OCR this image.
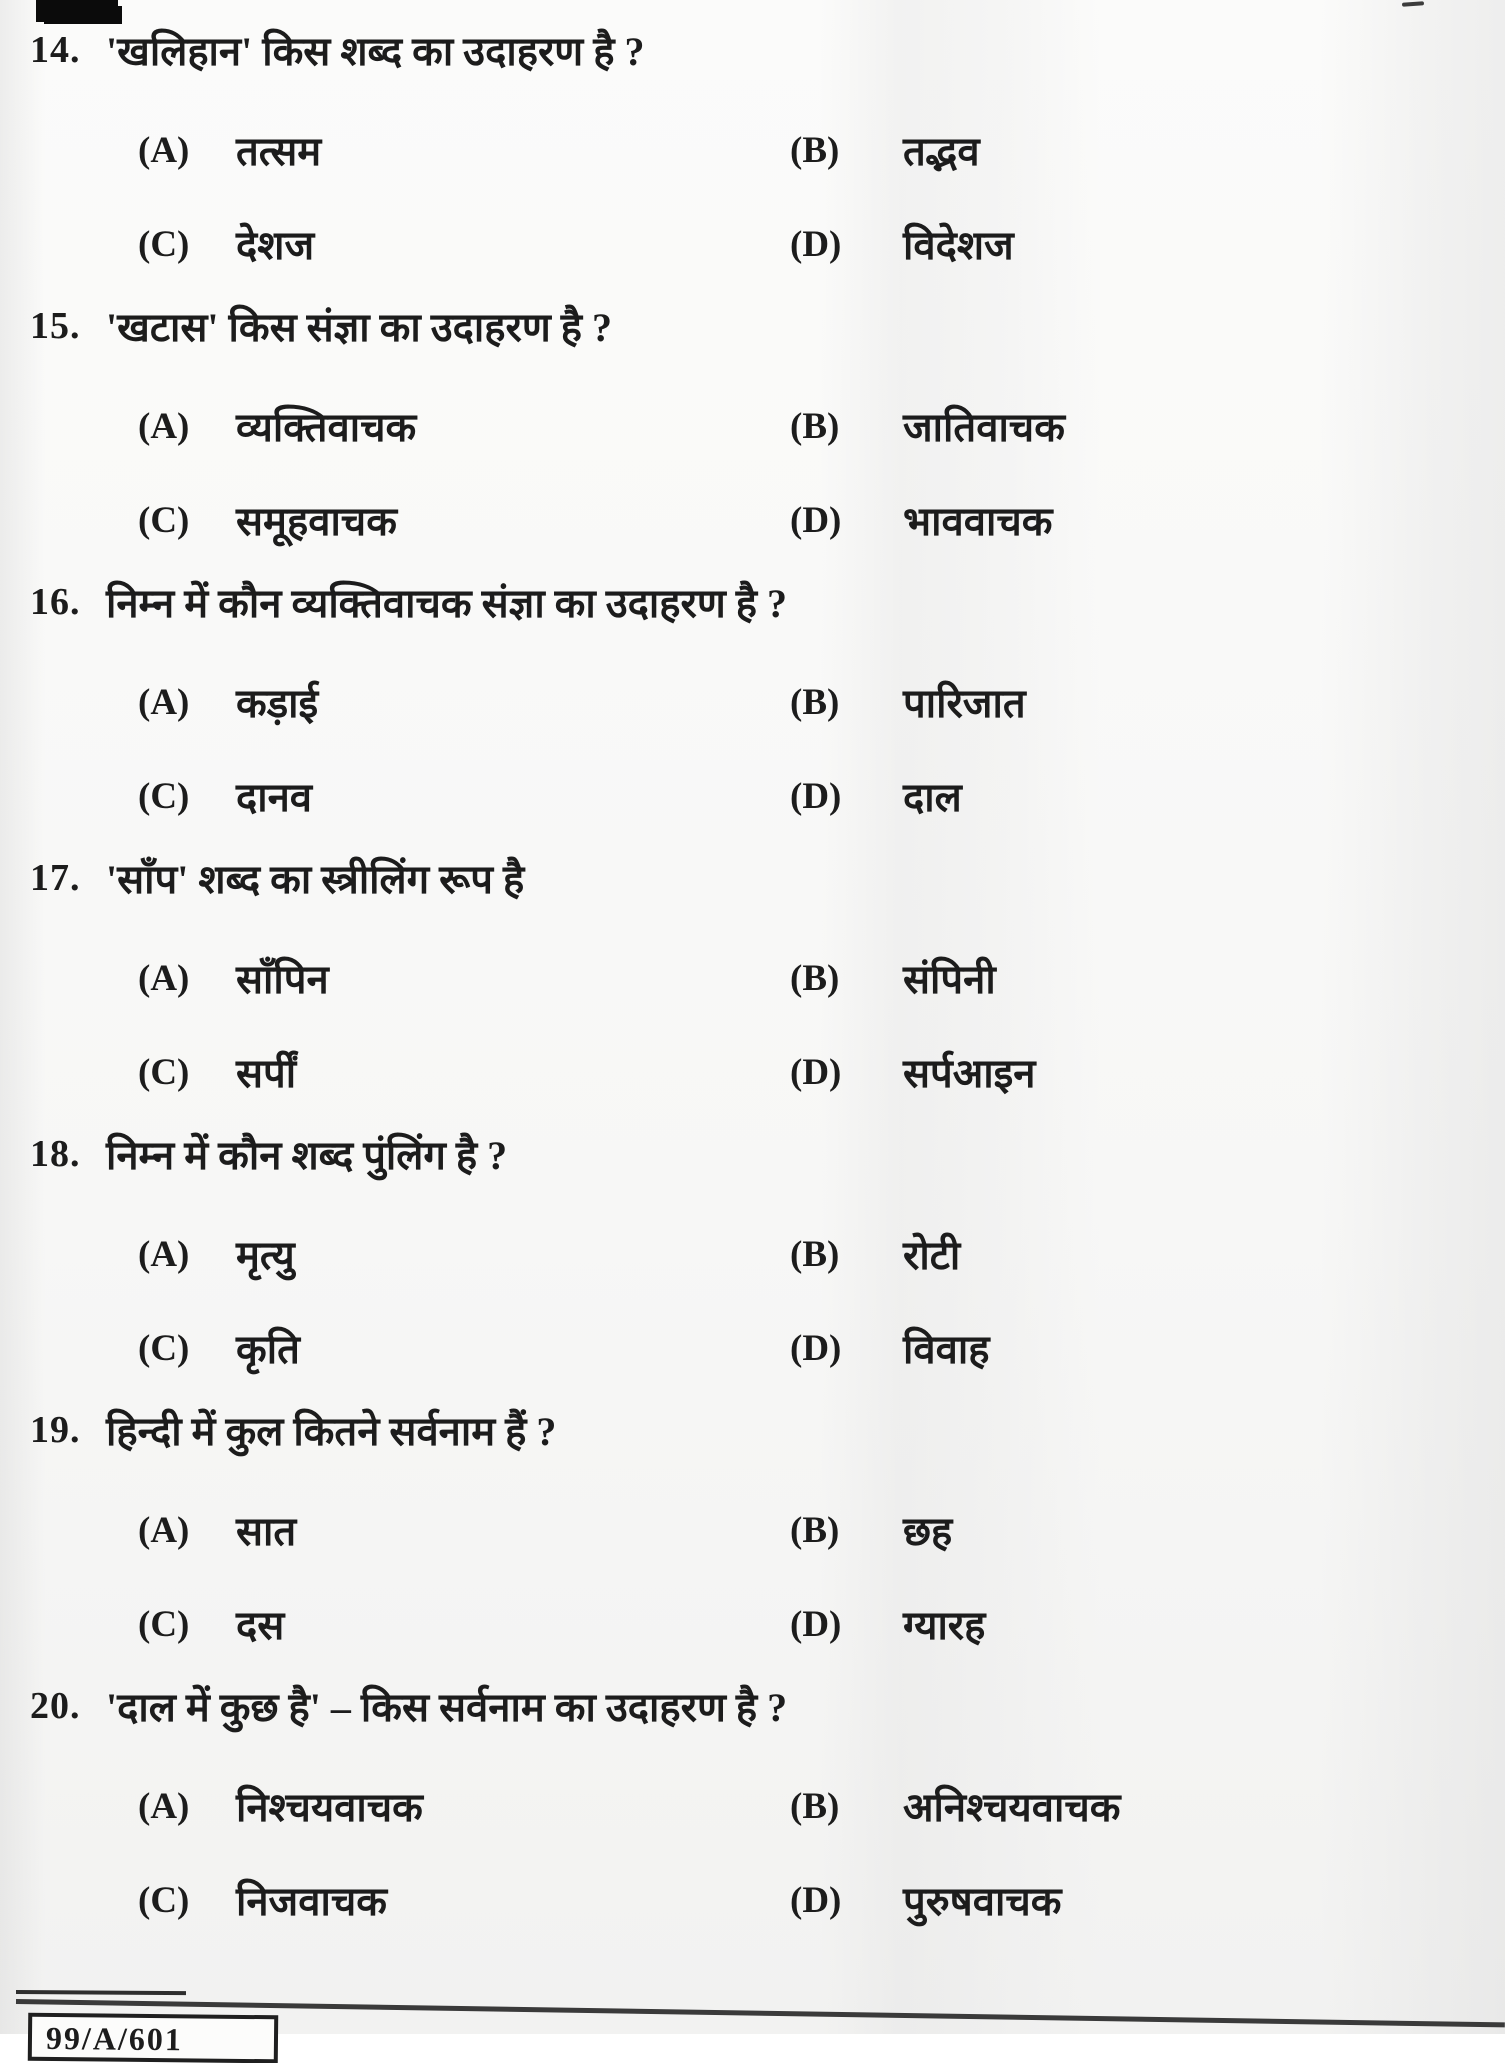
14. 'खलिहान' किस शब्द का उदाहरण है ?
(A) तत्सम	(B) तद्भव
(C) देशज	(D) विदेशज
15. 'खटास' किस संज्ञा का उदाहरण है ?
(A) व्यक्तिवाचक	(B) जातिवाचक
(C) समूहवाचक	(D) भाववाचक
16. निम्न में कौन व्यक्तिवाचक संज्ञा का उदाहरण है ?
(A) कड़ाई	(B) पारिजात
(C) दानव	(D) दाल
17. 'साँप' शब्द का स्त्रीलिंग रूप है
(A) साँपिन	(B) संपिनी
(C) सर्पीं	(D) सर्पआइन
18. निम्न में कौन शब्द पुंलिंग है ?
(A) मृत्यु	(B) रोटी
(C) कृति	(D) विवाह
19. हिन्दी में कुल कितने सर्वनाम हैं ?
(A) सात	(B) छह
(C) दस	(D) ग्यारह
20. 'दाल में कुछ है' – किस सर्वनाम का उदाहरण है ?
(A) निश्चयवाचक	(B) अनिश्चयवाचक
(C) निजवाचक	(D) पुरुषवाचक
99/A/601
